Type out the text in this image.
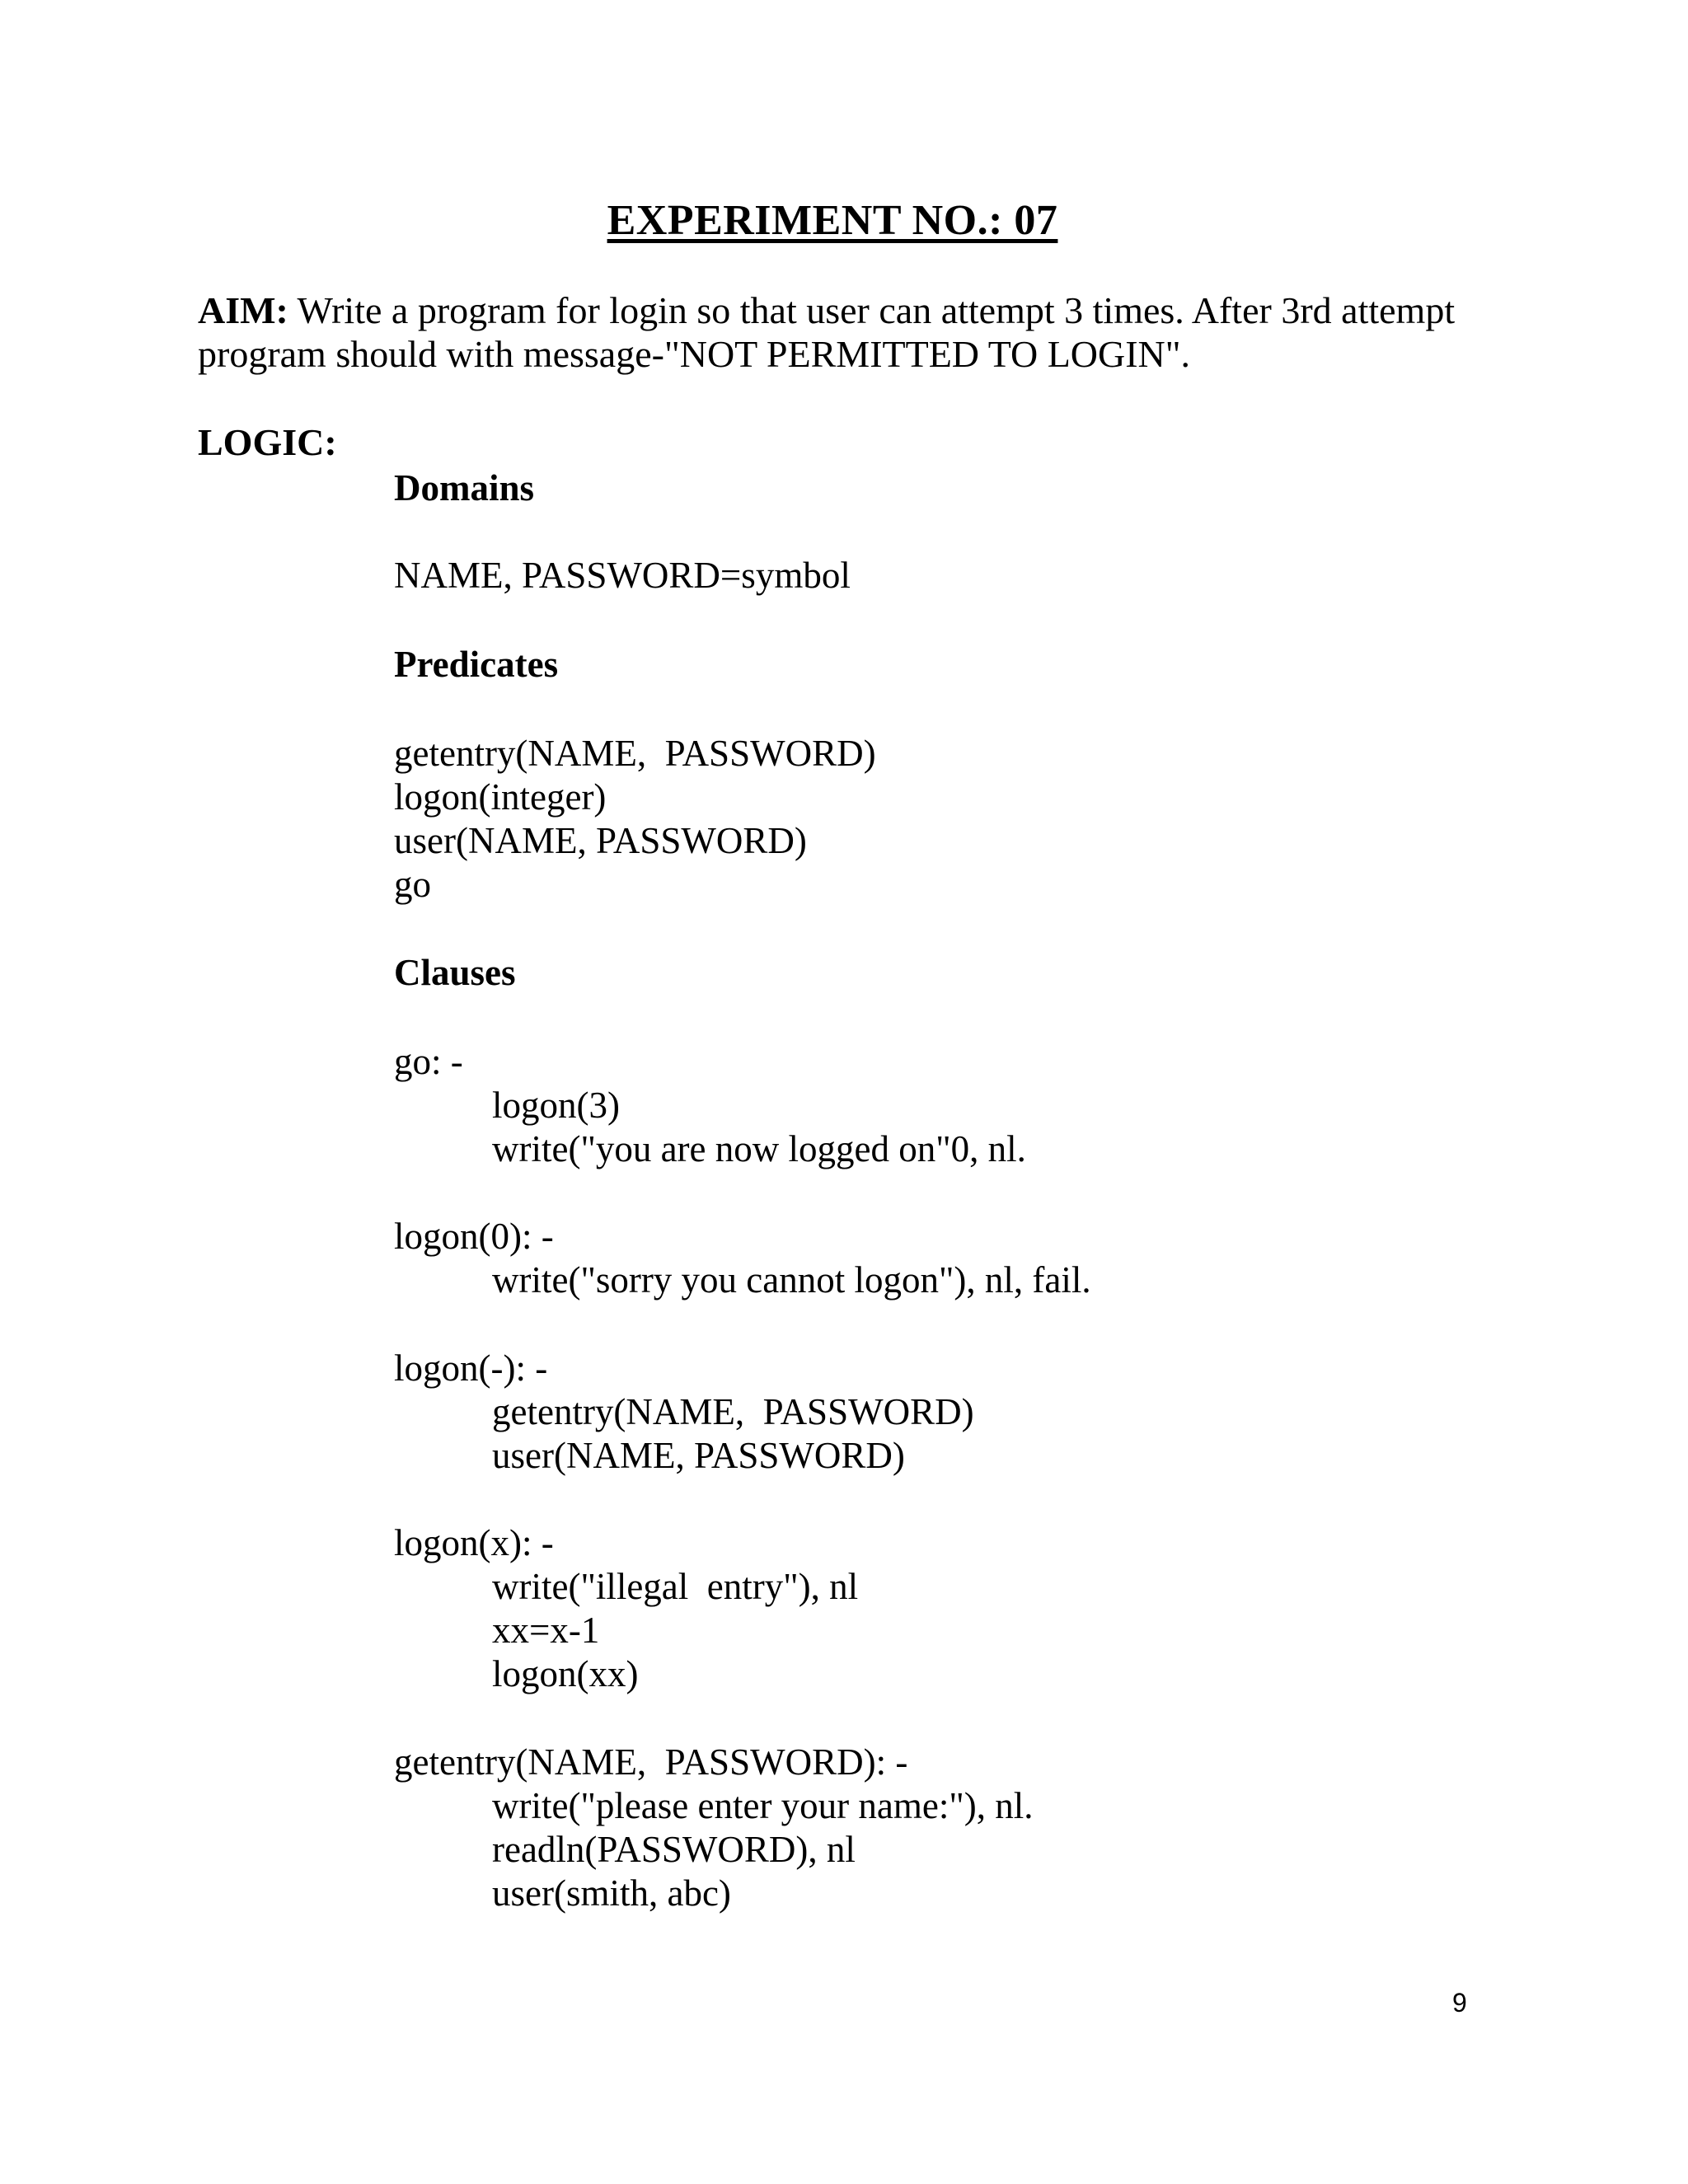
EXPERIMENT NO.: 07
AIM: Write a program for login so that user can attempt 3 times. After 3rd attempt
program should with message-"NOT PERMITTED TO LOGIN".
LOGIC:
Domains
NAME, PASSWORD=symbol
Predicates
getentry(NAME,  PASSWORD)
logon(integer)
user(NAME, PASSWORD)
go
Clauses
go: -
logon(3)
write("you are now logged on"0, nl.
logon(0): -
write("sorry you cannot logon"), nl, fail.
logon(-): -
getentry(NAME,  PASSWORD)
user(NAME, PASSWORD)
logon(x): -
write("illegal  entry"), nl
xx=x-1
logon(xx)
getentry(NAME,  PASSWORD): -
write("please enter your name:"), nl.
readln(PASSWORD), nl
user(smith, abc)
9
